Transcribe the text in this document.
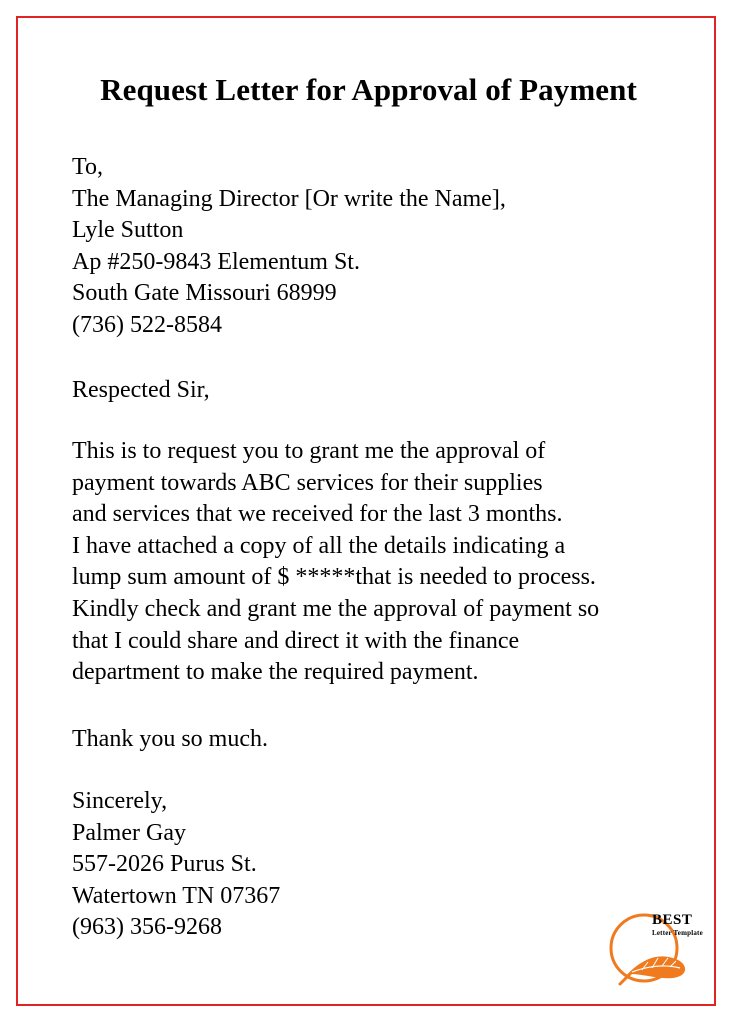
Request Letter for Approval of Payment
To,
The Managing Director [Or write the Name],
Lyle Sutton
Ap #250-9843 Elementum St.
South Gate Missouri 68999
(736) 522-8584
Respected Sir,
This is to request you to grant me the approval of
payment towards ABC services for their supplies
and services that we received for the last 3 months.
I have attached a copy of all the details indicating a
lump sum amount of $ *****that is needed to process.
Kindly check and grant me the approval of payment so
that I could share and direct it with the finance
department to make the required payment.
Thank you so much.
Sincerely,
Palmer Gay
557-2026 Purus St.
Watertown TN 07367
(963) 356-9268	BEST
Letter Template
